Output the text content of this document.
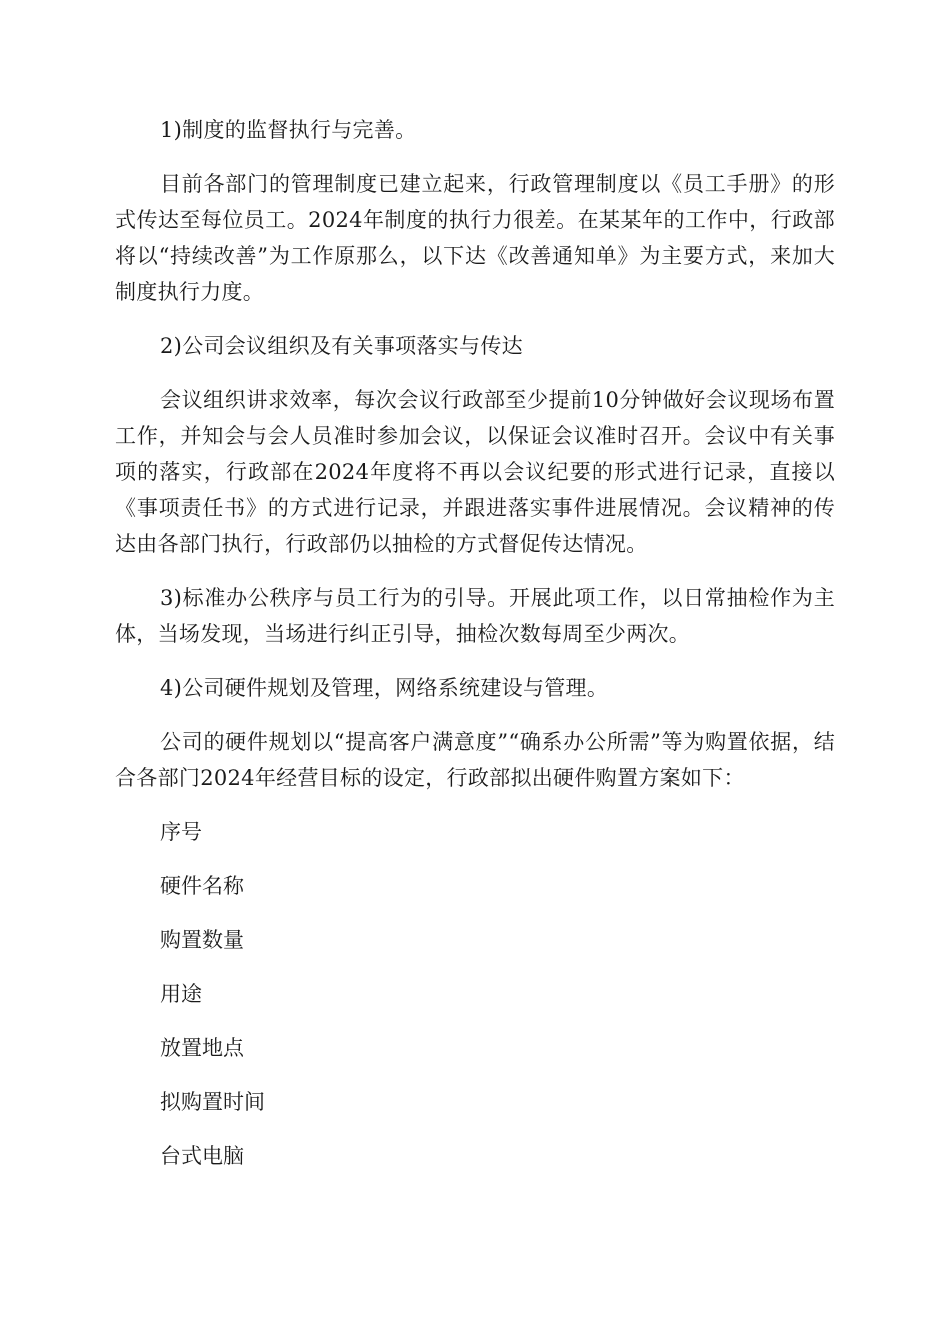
1)制度的监督执行与完善。

目前各部门的管理制度已建立起来，行政管理制度以《员工手册》的形式传达至每位员工。2024年制度的执行力很差。在某某年的工作中，行政部将以“持续改善”为工作原那么，以下达《改善通知单》为主要方式，来加大制度执行力度。

2)公司会议组织及有关事项落实与传达

会议组织讲求效率，每次会议行政部至少提前10分钟做好会议现场布置工作，并知会与会人员准时参加会议，以保证会议准时召开。会议中有关事项的落实，行政部在2024年度将不再以会议纪要的形式进行记录，直接以《事项责任书》的方式进行记录，并跟进落实事件进展情况。会议精神的传达由各部门执行，行政部仍以抽检的方式督促传达情况。

3)标准办公秩序与员工行为的引导。开展此项工作，以日常抽检作为主体，当场发现，当场进行纠正引导，抽检次数每周至少两次。

4)公司硬件规划及管理，网络系统建设与管理。

公司的硬件规划以“提高客户满意度”“确系办公所需”等为购置依据，结合各部门2024年经营目标的设定，行政部拟出硬件购置方案如下：

序号

硬件名称

购置数量

用途

放置地点

拟购置时间

台式电脑
